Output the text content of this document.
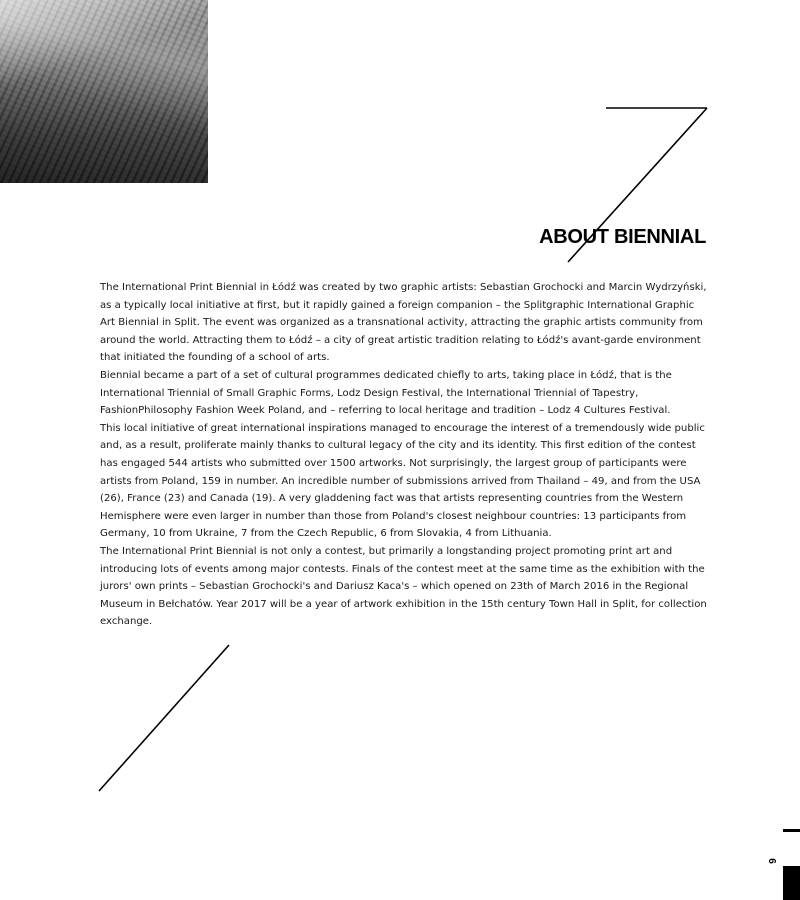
ABOUT BIENNIAL

The International Print Biennial in Łódź was created by two graphic artists: Sebastian Grochocki and Marcin Wydrzyński, as a typically local initiative at first, but it rapidly gained a foreign companion – the Splitgraphic International Graphic Art Biennial in Split. The event was organized as a transnational activity, attracting the graphic artists community from around the world. Attracting them to Łódź – a city of great artistic tradition relating to Łódź's avant-garde environment that initiated the founding of a school of arts.

Biennial became a part of a set of cultural programmes dedicated chiefly to arts, taking place in Łódź, that is the International Triennial of Small Graphic Forms, Lodz Design Festival, the International Triennial of Tapestry, FashionPhilosophy Fashion Week Poland, and – referring to local heritage and tradition – Lodz 4 Cultures Festival.

This local initiative of great international inspirations managed to encourage the interest of a tremendously wide public and, as a result, proliferate mainly thanks to cultural legacy of the city and its identity. This first edition of the contest has engaged 544 artists who submitted over 1500 artworks. Not surprisingly, the largest group of participants were artists from Poland, 159 in number. An incredible number of submissions arrived from Thailand – 49, and from the USA (26), France (23) and Canada (19). A very gladdening fact was that artists representing countries from the Western Hemisphere were even larger in number than those from Poland's closest neighbour countries: 13 participants from Germany, 10 from Ukraine, 7 from the Czech Republic, 6 from Slovakia, 4 from Lithuania.

The International Print Biennial is not only a contest, but primarily a longstanding project promoting print art and introducing lots of events among major contests. Finals of the contest meet at the same time as the exhibition with the jurors' own prints – Sebastian Grochocki's and Dariusz Kaca's – which opened on 23th of March 2016 in the Regional Museum in Bełchatów. Year 2017 will be a year of artwork exhibition in the 15th century Town Hall in Split, for collection exchange.

6
